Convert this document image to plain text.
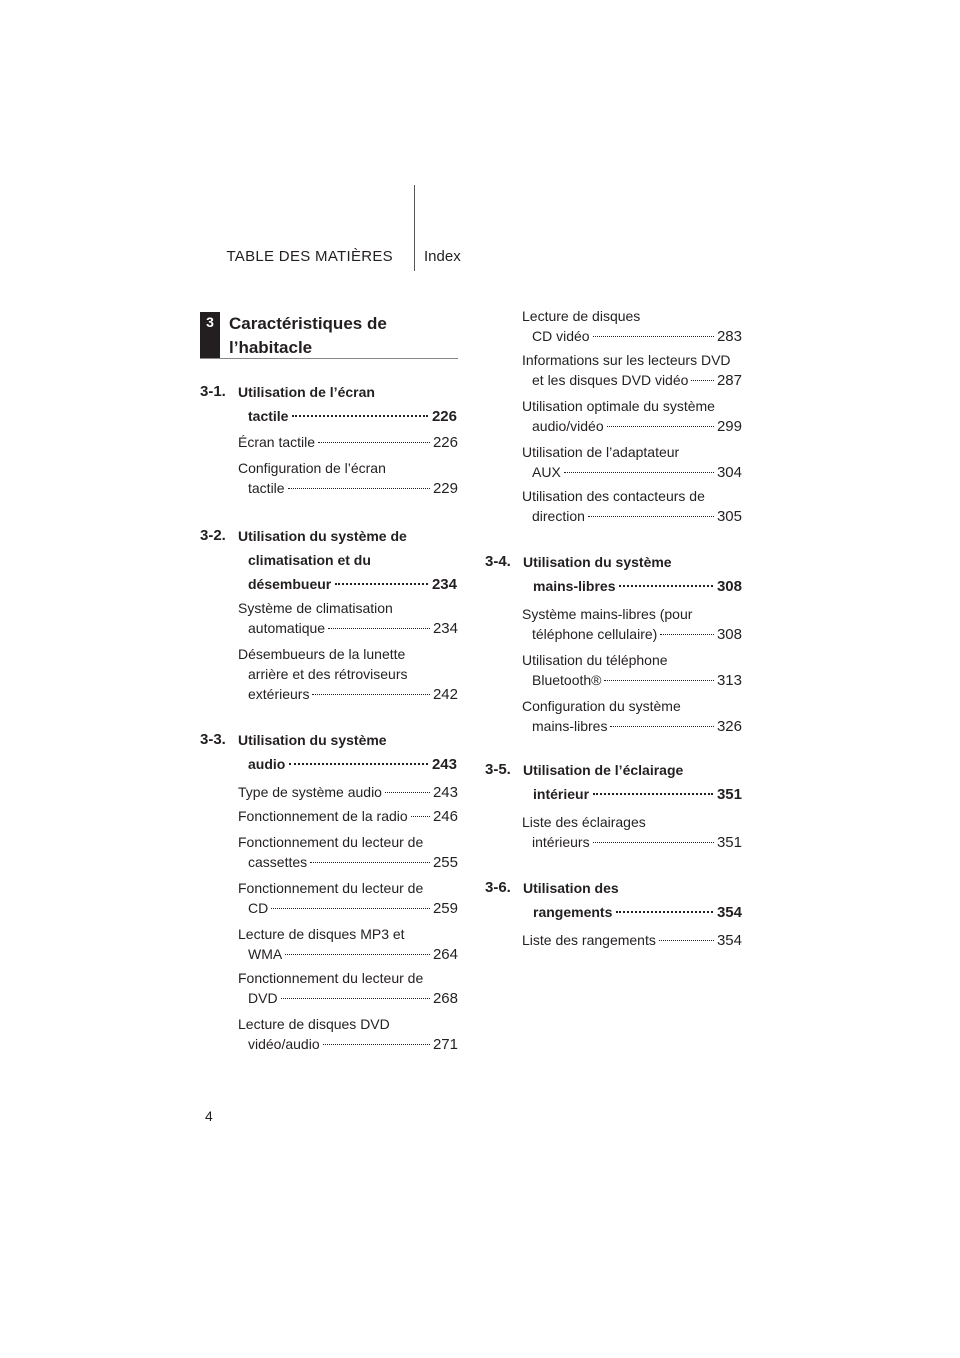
TABLE DES MATIÈRES Index
3 Caractéristiques de l’habitacle
3-1. Utilisation de l’écran
tactile	226
Écran tactile	226
Configuration de l’écran
tactile	229
3-2. Utilisation du système de
climatisation et du
désembueur	234
Système de climatisation
automatique	234
Désembueurs de la lunette
arrière et des rétroviseurs
extérieurs	242
3-3. Utilisation du système
audio	243
Type de système audio	243
Fonctionnement de la radio 246
Fonctionnement du lecteur de
cassettes	255
Fonctionnement du lecteur de
CD	259
Lecture de disques MP3 et
WMA	264
Fonctionnement du lecteur de
DVD	268
Lecture de disques DVD
vidéo/audio	271
Lecture de disques
CD vidéo	283
Informations sur les lecteurs DVD
et les disques DVD vidéo 287
Utilisation optimale du système
audio/vidéo	299
Utilisation de l’adaptateur
AUX	304
Utilisation des contacteurs de
direction	305
3-4. Utilisation du système
mains-libres	308
Système mains-libres (pour
téléphone cellulaire)	308
Utilisation du téléphone
Bluetooth®	313
Configuration du système
mains-libres	326
3-5. Utilisation de l’éclairage
intérieur	351
Liste des éclairages
intérieurs	351
3-6. Utilisation des
rangements	354
Liste des rangements	354
4
